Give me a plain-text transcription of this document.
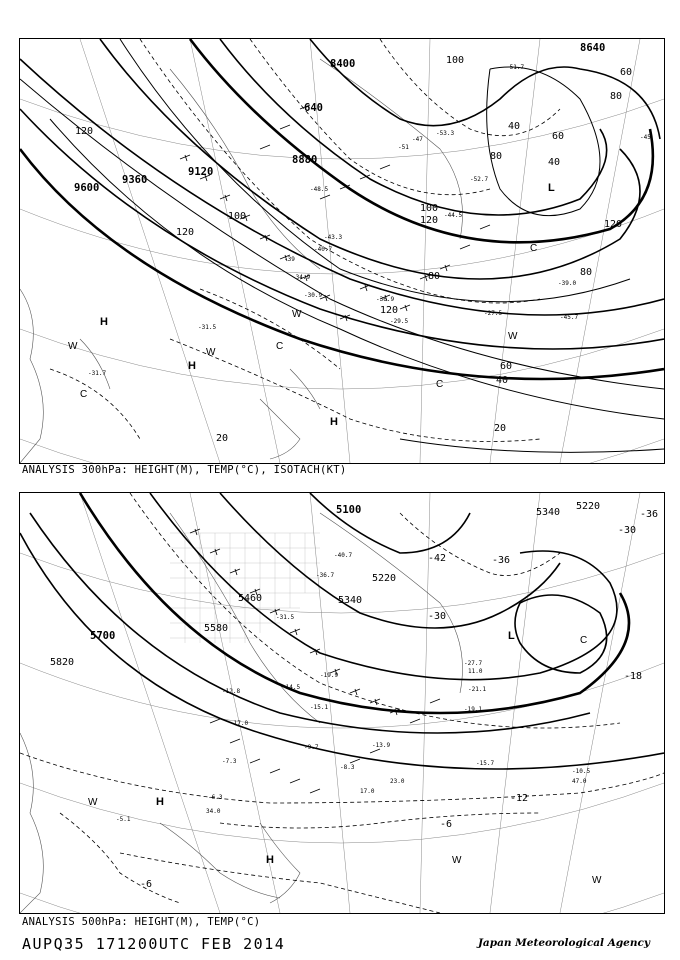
8400
8640
8880
9120
9360
9600
640
120
100
80
60
40
20
120
100
120
80
60
40
20
100
120
40
80
60
80
120
L
H
H
H
C
C
C
C
W
W
W
W
-51
-47	-45
-44.5
-43.3
-40.7
-39
-36.9
-34.9
-31.5
-31.7
-30.9
-29.5
-27.5
-52.7
-51.7
-53.3
-48.5
-45.7
-39.0
ANALYSIS 300hPa: HEIGHT(M), TEMP(°C), ISOTACH(KT)
5100
5220
5340
5460
5580
5700
5820
5220
5340
-42
-36
-30
-30
-18
-12
-6
-6
-36
L
H
H
C
W
W
W
-21.1
-19.1
-15.7
-13.9
-10.5
-9.7
-7.3
-8.3
-5.1
-6.3
-14.5
-12.8
-15.1
-17.0
-19.9
-31.5
-36.7
-40.7
-27.7
11.0
23.0
17.0
34.0
47.0
ANALYSIS 500hPa: HEIGHT(M), TEMP(°C)
AUPQ35 171200UTC FEB 2014	Japan Meteorological Agency
